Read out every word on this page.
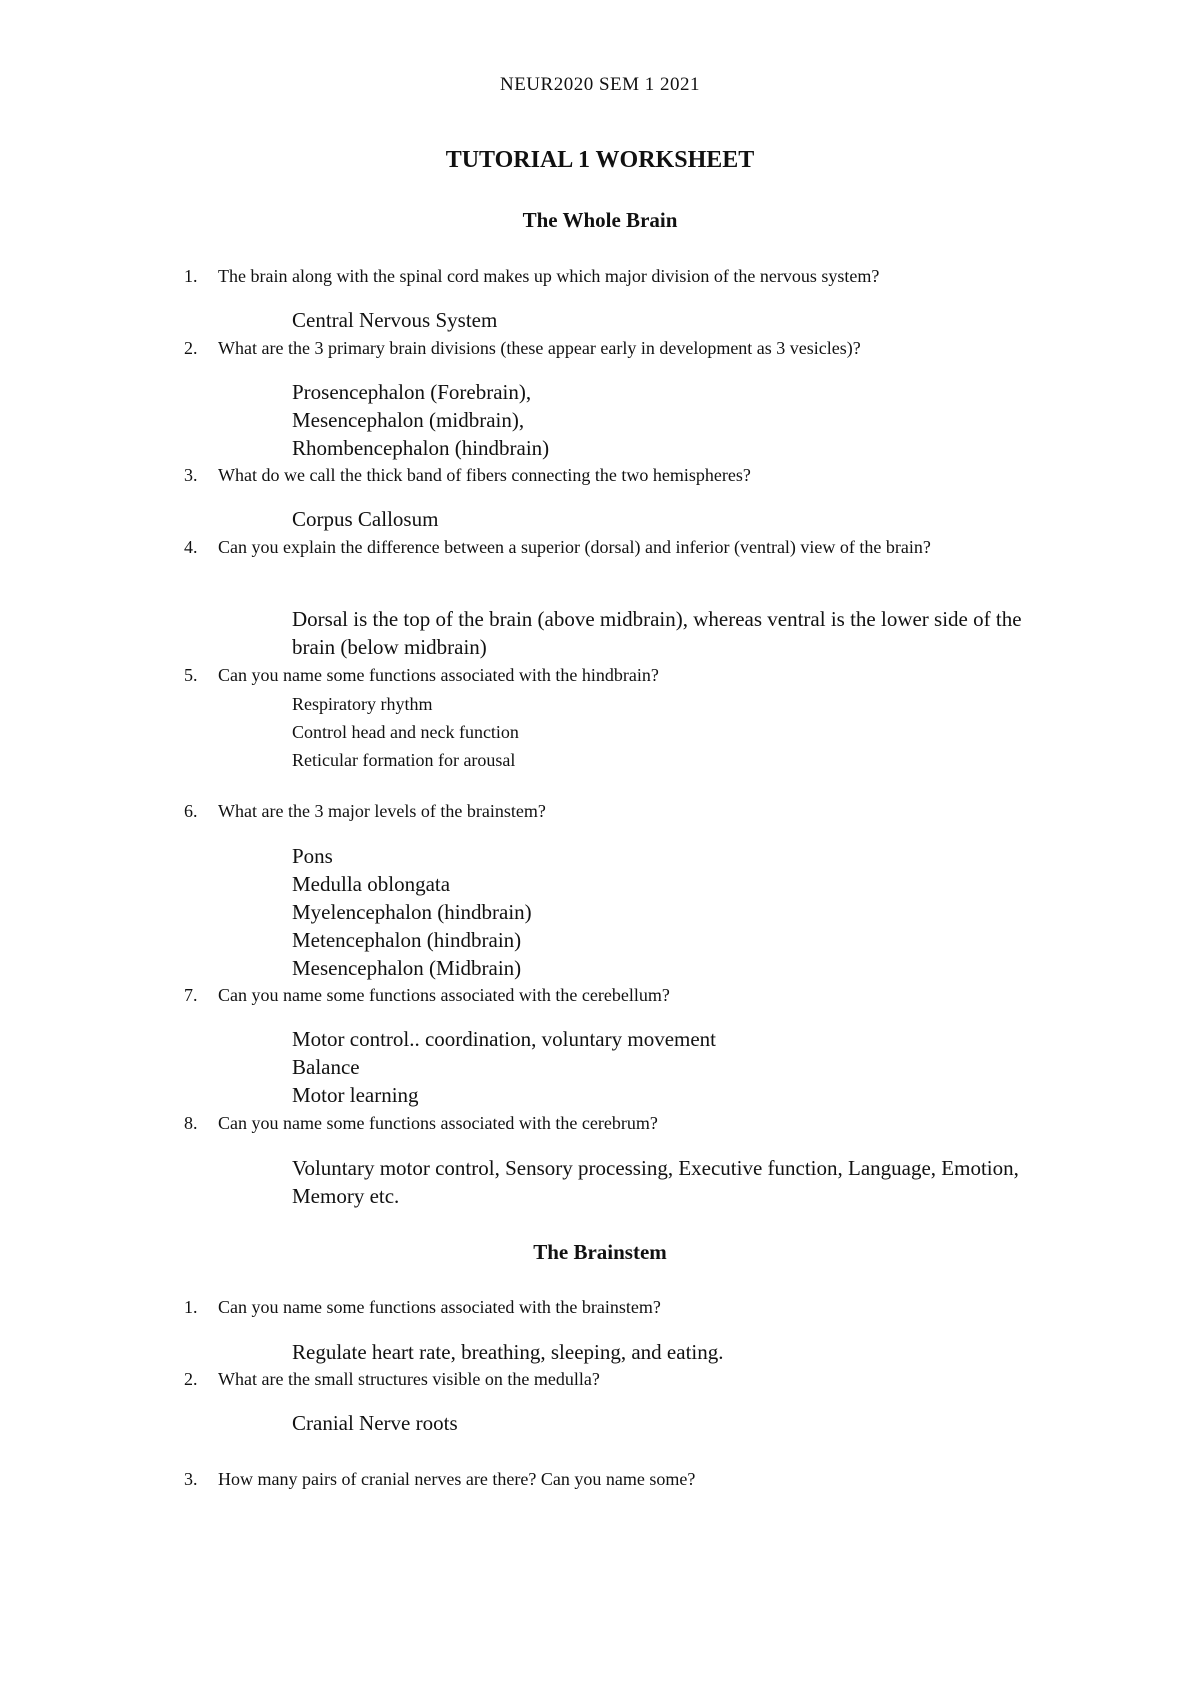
NEUR2020 SEM 1 2021
TUTORIAL 1 WORKSHEET
The Whole Brain
1.	The brain along with the spinal cord makes up which major division of the nervous system?
Central Nervous System
2.	What are the 3 primary brain divisions (these appear early in development as 3 vesicles)?
Prosencephalon (Forebrain),
Mesencephalon (midbrain),
Rhombencephalon (hindbrain)
3.	What do we call the thick band of fibers connecting the two hemispheres?
Corpus Callosum
4.	Can you explain the difference between a superior (dorsal) and inferior (ventral) view of the brain?
Dorsal is the top of the brain (above midbrain), whereas ventral is the lower side of the brain (below midbrain)
5.	Can you name some functions associated with the hindbrain?
Respiratory rhythm
Control head and neck function
Reticular formation for arousal
6.	What are the 3 major levels of the brainstem?
Pons
Medulla oblongata
Myelencephalon (hindbrain)
Metencephalon (hindbrain)
Mesencephalon (Midbrain)
7.	Can you name some functions associated with the cerebellum?
Motor control.. coordination, voluntary movement
Balance
Motor learning
8.	Can you name some functions associated with the cerebrum?
Voluntary motor control, Sensory processing, Executive function, Language, Emotion, Memory etc.
The Brainstem
1.	Can you name some functions associated with the brainstem?
Regulate heart rate, breathing, sleeping, and eating.
2.	What are the small structures visible on the medulla?
Cranial Nerve roots
3.	How many pairs of cranial nerves are there? Can you name some?
